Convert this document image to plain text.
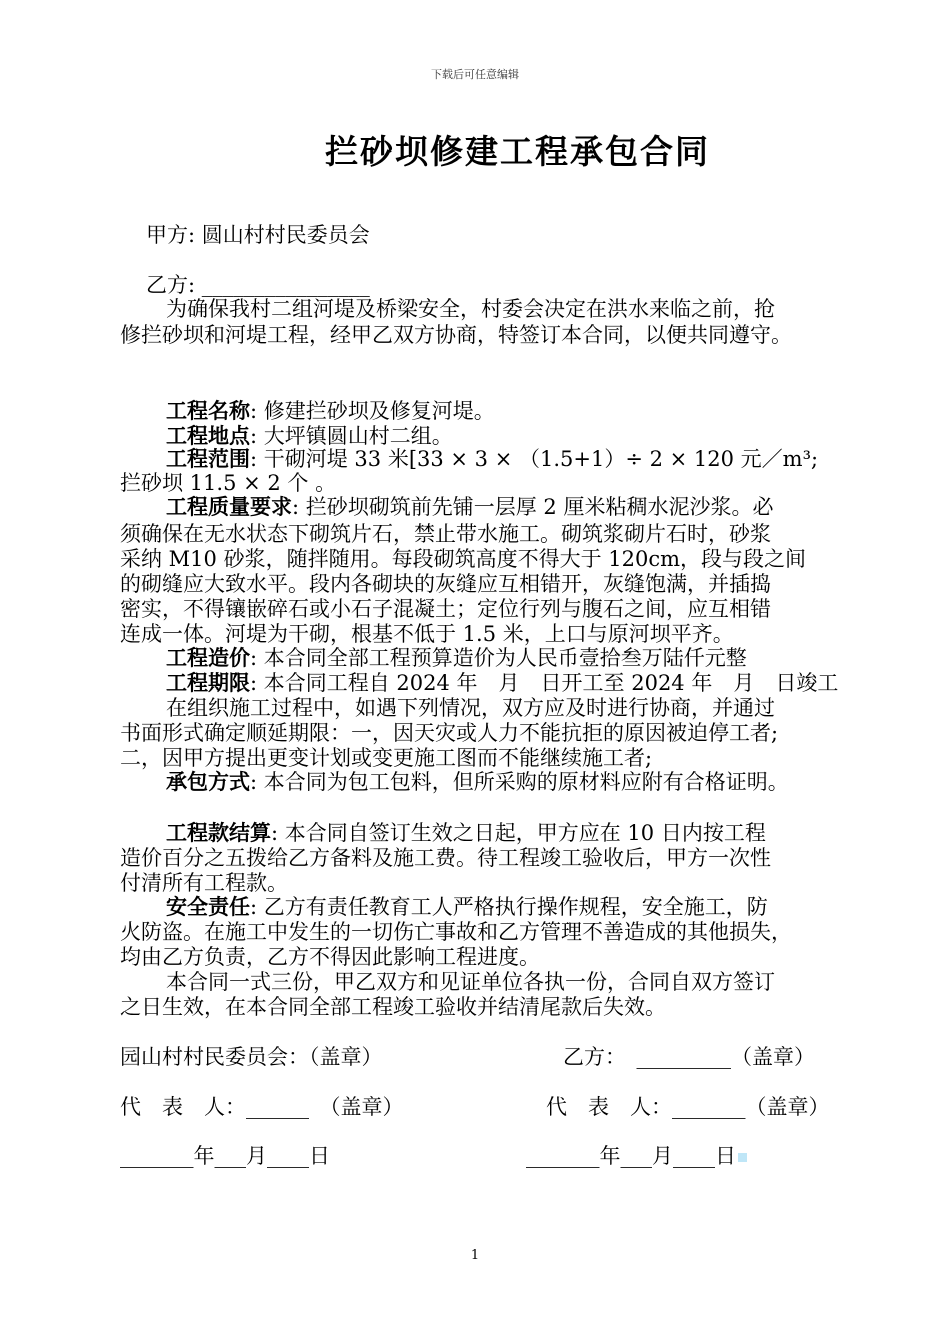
下载后可任意编辑
拦砂坝修建工程承包合同
甲方: 圆山村村民委员会
乙方: ________________
为确保我村二组河堤及桥梁安全，村委会决定在洪水来临之前，抢
修拦砂坝和河堤工程，经甲乙双方协商，特签订本合同，以便共同遵守。
工程名称: 修建拦砂坝及修复河堤。
工程地点: 大坪镇圆山村二组。
工程范围: 干砌河堤 33 米[33 × 3 × （1.5+1）÷ 2 × 120 元／m³;
拦砂坝 11.5 × 2 个 。
工程质量要求: 拦砂坝砌筑前先铺一层厚 2 厘米粘稠水泥沙浆。必
须确保在无水状态下砌筑片石，禁止带水施工。砌筑浆砌片石时，砂浆
采纳 M10 砂浆，随拌随用。每段砌筑高度不得大于 120cm，段与段之间
的砌缝应大致水平。段内各砌块的灰缝应互相错开，灰缝饱满，并插捣
密实，不得镶嵌碎石或小石子混凝土；定位行列与腹石之间，应互相错
连成一体。河堤为干砌，根基不低于 1.5 米，上口与原河坝平齐。
工程造价: 本合同全部工程预算造价为人民币壹拾叁万陆仟元整
工程期限: 本合同工程自 2024 年　月　日开工至 2024 年　月　日竣工
在组织施工过程中，如遇下列情况，双方应及时进行协商，并通过
书面形式确定顺延期限：一，因天灾或人力不能抗拒的原因被迫停工者;
二，因甲方提出更变计划或变更施工图而不能继续施工者;
承包方式: 本合同为包工包料，但所采购的原材料应附有合格证明。
工程款结算: 本合同自签订生效之日起，甲方应在 10 日内按工程
造价百分之五拨给乙方备料及施工费。待工程竣工验收后，甲方一次性
付清所有工程款。
安全责任: 乙方有责任教育工人严格执行操作规程，安全施工，防
火防盗。在施工中发生的一切伤亡事故和乙方管理不善造成的其他损失，
均由乙方负责，乙方不得因此影响工程进度。
本合同一式三份，甲乙双方和见证单位各执一份，合同自双方签订
之日生效，在本合同全部工程竣工验收并结清尾款后失效。
园山村村民委员会：（盖章）	乙方：　_________（盖章）
代　表　人：______　（盖章）	代　表　人：_______（盖章）
_______年___月____日	_______年___月____日
1
